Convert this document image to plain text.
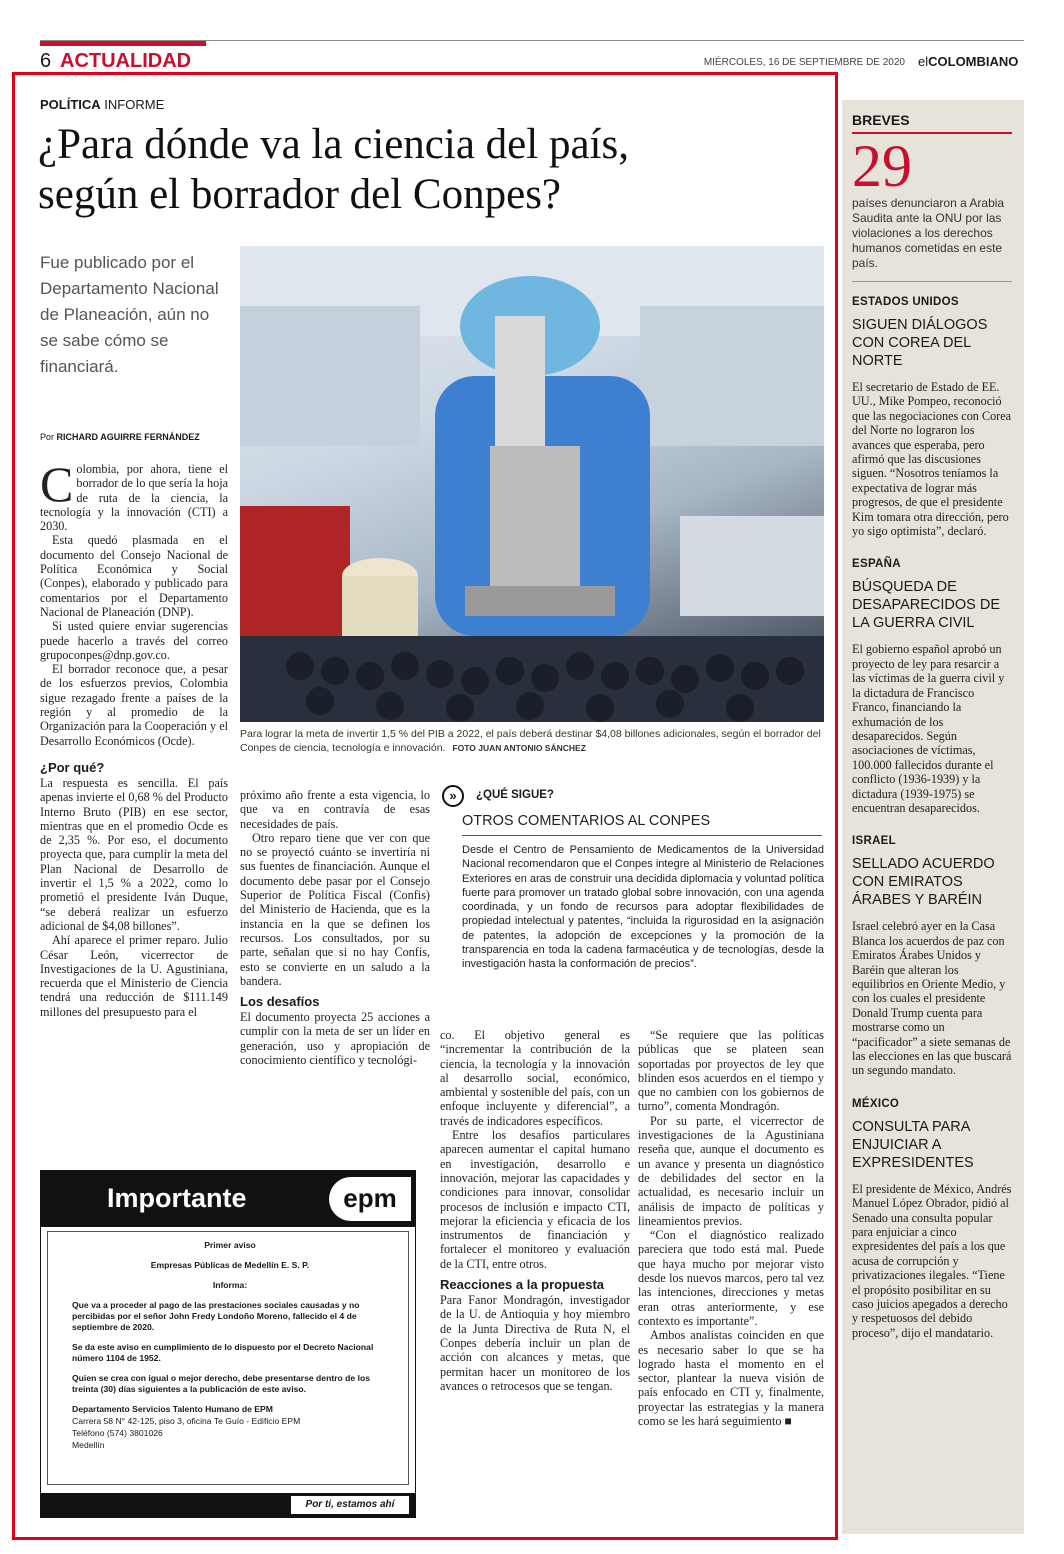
6 ACTUALIDAD	MIÉRCOLES, 16 DE SEPTIEMBRE DE 2020 elCOLOMBIANO
POLÍTICA INFORME
¿Para dónde va la ciencia del país,
según el borrador del Conpes?
Fue publicado por el Departamento Nacional de Planeación, aún no se sabe cómo se financiará.
Por RICHARD AGUIRRE FERNÁNDEZ
Para lograr la meta de invertir 1,5 % del PIB a 2022, el país deberá destinar $4,08 billones adicionales, según el borrador del Conpes de ciencia, tecnología e innovación. FOTO JUAN ANTONIO SÁNCHEZ

Colombia, por ahora, tiene el borrador de lo que sería la hoja de ruta de la ciencia, la tecnología y la innovación (CTI) a 2030.

Esta quedó plasmada en el documento del Consejo Nacional de Política Económica y Social (Conpes), elaborado y publicado para comentarios por el Departamento Nacional de Planeación (DNP).

Si usted quiere enviar sugerencias puede hacerlo a través del correo grupoconpes@dnp.gov.co.

El borrador reconoce que, a pesar de los esfuerzos previos, Colombia sigue rezagado frente a países de la región y al promedio de la Organización para la Cooperación y el Desarrollo Económicos (Ocde).

¿Por qué?

La respuesta es sencilla. El país apenas invierte el 0,68 % del Producto Interno Bruto (PIB) en ese sector, mientras que en el promedio Ocde es de 2,35 %. Por eso, el documento proyecta que, para cumplir la meta del Plan Nacional de Desarrollo de invertir el 1,5 % a 2022, como lo prometió el presidente Iván Duque, “se deberá realizar un esfuerzo adicional de $4,08 billones”.

Ahí aparece el primer reparo. Julio César León, vicerrector de Investigaciones de la U. Agustiniana, recuerda que el Ministerio de Ciencia tendrá una reducción de $111.149 millones del presupuesto para el

próximo año frente a esta vigencia, lo que va en contravía de esas necesidades de país.

Otro reparo tiene que ver con que no se proyectó cuánto se invertiría ni sus fuentes de financiación. Aunque el documento debe pasar por el Consejo Superior de Política Fiscal (Confis) del Ministerio de Hacienda, que es la instancia en la que se definen los recursos. Los consultados, por su parte, señalan que si no hay Confis, esto se convierte en un saludo a la bandera.

Los desafíos

El documento proyecta 25 acciones a cumplir con la meta de ser un líder en generación, uso y apropiación de conocimiento científico y tecnológi-

»	¿QUÉ SIGUE?
OTROS COMENTARIOS AL CONPES
Desde el Centro de Pensamiento de Medicamentos de la Universidad Nacional recomendaron que el Conpes integre al Ministerio de Relaciones Exteriores en aras de construir una decidida diplomacia y voluntad política fuerte para promover un tratado global sobre innovación, con una agenda coordinada, y un fondo de recursos para adoptar flexibilidades de propiedad intelectual y patentes, “incluida la rigurosidad en la asignación de patentes, la adopción de excepciones y la promoción de la transparencia en toda la cadena farmacéutica y de tecnologías, desde la investigación hasta la conformación de precios”.

co. El objetivo general es “incrementar la contribución de la ciencia, la tecnología y la innovación al desarrollo social, económico, ambiental y sostenible del país, con un enfoque incluyente y diferencial”, a través de indicadores específicos.

Entre los desafíos particulares aparecen aumentar el capital humano en investigación, desarrollo e innovación, mejorar las capacidades y condiciones para innovar, consolidar procesos de inclusión e impacto CTI, mejorar la eficiencia y eficacia de los instrumentos de financiación y fortalecer el monitoreo y evaluación de la CTI, entre otros.

Reacciones a la propuesta

Para Fanor Mondragón, investigador de la U. de Antioquia y hoy miembro de la Junta Directiva de Ruta N, el Conpes debería incluir un plan de acción con alcances y metas, que permitan hacer un monitoreo de los avances o retrocesos que se tengan.

“Se requiere que las políticas públicas que se plateen sean soportadas por proyectos de ley que blinden esos acuerdos en el tiempo y que no cambien con los gobiernos de turno”, comenta Mondragón.

Por su parte, el vicerrector de investigaciones de la Agustiniana reseña que, aunque el documento es un avance y presenta un diagnóstico de debilidades del sector en la actualidad, es necesario incluir un análisis de impacto de políticas y lineamientos previos.

“Con el diagnóstico realizado pareciera que todo está mal. Puede que haya mucho por mejorar visto desde los nuevos marcos, pero tal vez las intenciones, direcciones y metas eran otras anteriormente, y ese contexto es importante”.

Ambos analistas coinciden en que es necesario saber lo que se ha logrado hasta el momento en el sector, plantear la nueva visión de país enfocado en CTI y, finalmente, proyectar las estrategias y la manera como se les hará seguimiento ■

Importante	epm
Primer aviso
Empresas Públicas de Medellín E. S. P.
Informa:
Que va a proceder al pago de las prestaciones sociales causadas y no percibidas por el señor John Fredy Londoño Moreno, fallecido el 4 de septiembre de 2020.
Se da este aviso en cumplimiento de lo dispuesto por el Decreto Nacional número 1104 de 1952.
Quien se crea con igual o mejor derecho, debe presentarse dentro de los treinta (30) días siguientes a la publicación de este aviso.
Departamento Servicios Talento Humano de EPM
Carrera 58 N° 42-125, piso 3, oficina Te Guío - Edificio EPM
Teléfono (574) 3801026
Medellín
Por ti, estamos ahí
BREVES
29
países denunciaron a Arabia Saudita ante la ONU por las violaciones a los derechos humanos cometidas en este país.
ESTADOS UNIDOS
SIGUEN DIÁLOGOS CON COREA DEL NORTE

El secretario de Estado de EE. UU., Mike Pompeo, reconoció que las negociaciones con Corea del Norte no lograron los avances que esperaba, pero afirmó que las discusiones siguen. “Nosotros teníamos la expectativa de lograr más progresos, de que el presidente Kim tomara otra dirección, pero yo sigo optimista”, declaró.

ESPAÑA
BÚSQUEDA DE DESAPARECIDOS DE LA GUERRA CIVIL

El gobierno español aprobó un proyecto de ley para resarcir a las víctimas de la guerra civil y la dictadura de Francisco Franco, financiando la exhumación de los desaparecidos. Según asociaciones de víctimas, 100.000 fallecidos durante el conflicto (1936-1939) y la dictadura (1939-1975) se encuentran desaparecidos.

ISRAEL
SELLADO ACUERDO CON EMIRATOS ÁRABES Y BARÉIN

Israel celebró ayer en la Casa Blanca los acuerdos de paz con Emiratos Árabes Unidos y Baréin que alteran los equilibrios en Oriente Medio, y con los cuales el presidente Donald Trump cuenta para mostrarse como un “pacificador” a siete semanas de las elecciones en las que buscará un segundo mandato.

MÉXICO
CONSULTA PARA ENJUICIAR A EXPRESIDENTES

El presidente de México, Andrés Manuel López Obrador, pidió al Senado una consulta popular para enjuiciar a cinco expresidentes del país a los que acusa de corrupción y privatizaciones ilegales. “Tiene el propósito posibilitar en su caso juicios apegados a derecho y respetuosos del debido proceso”, dijo el mandatario.
